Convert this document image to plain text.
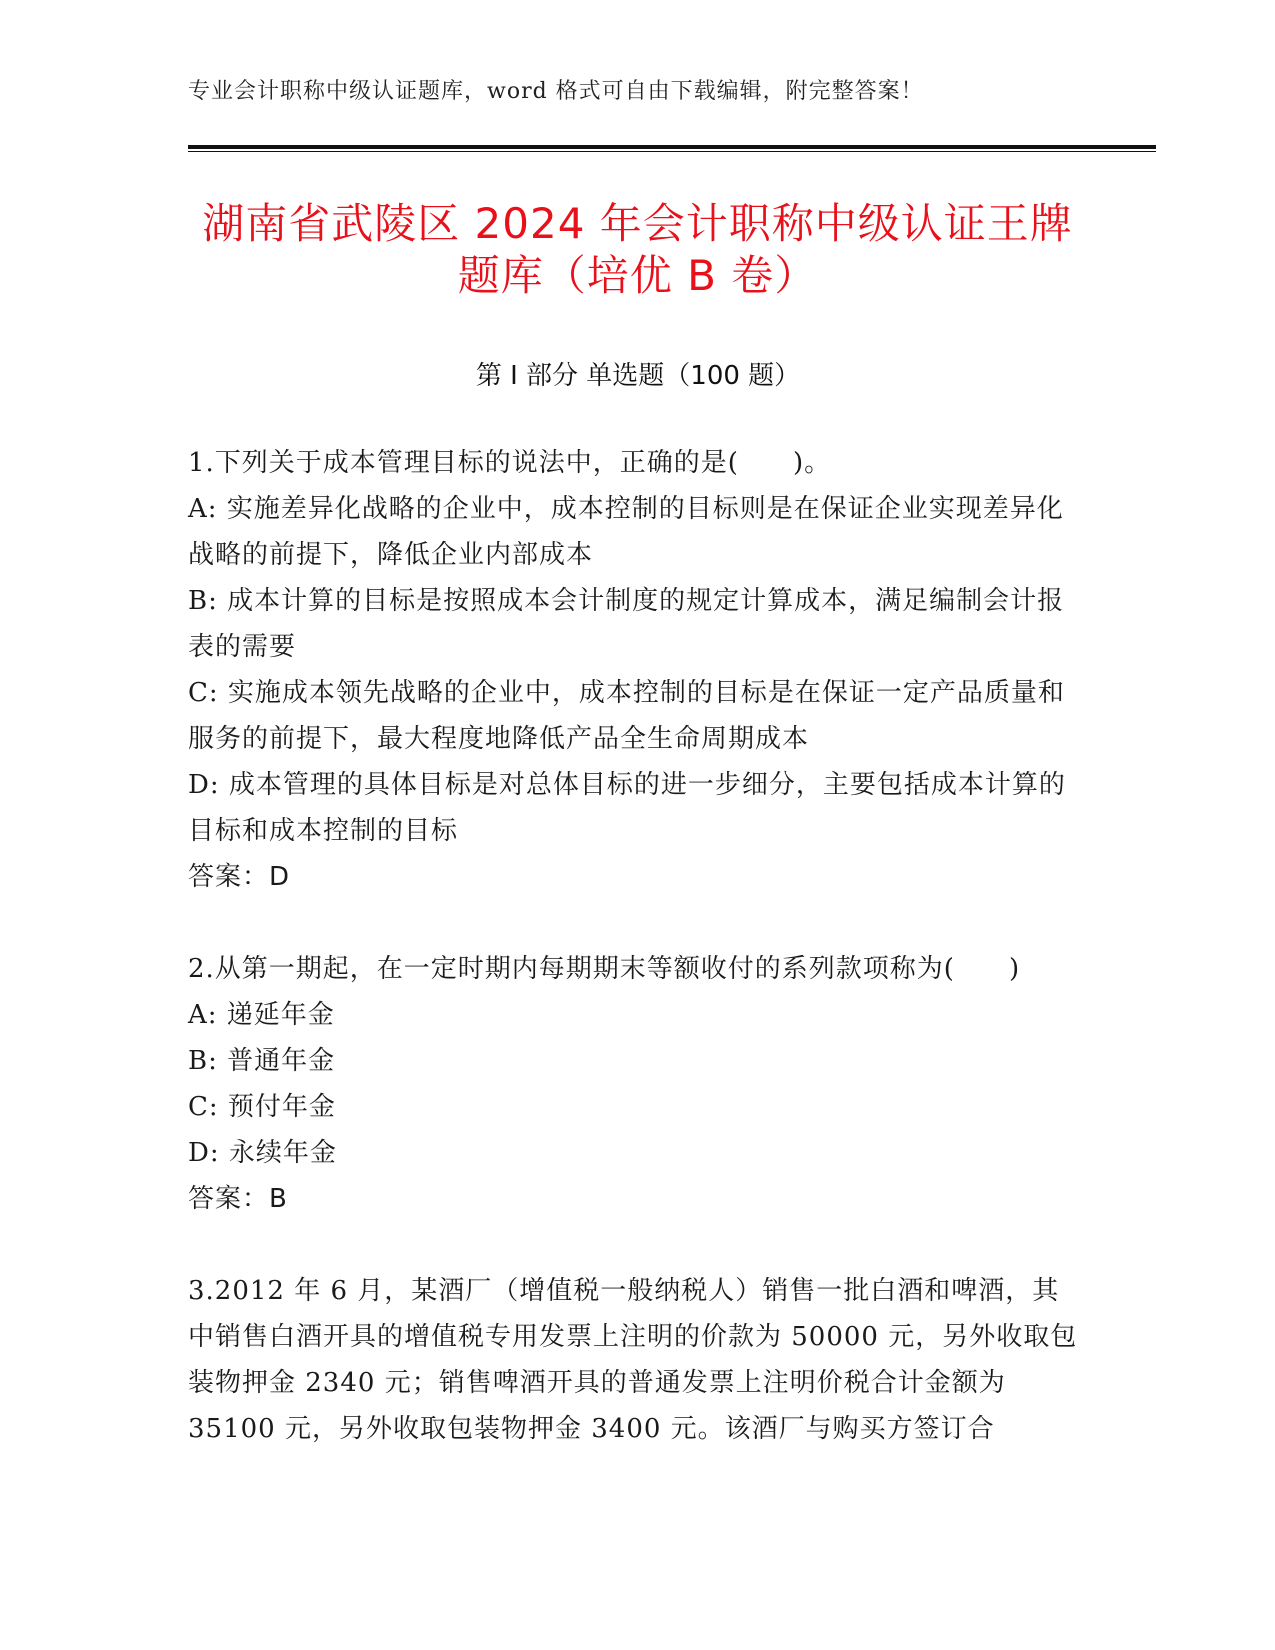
专业会计职称中级认证题库，word 格式可自由下载编辑，附完整答案！
湖南省武陵区 2024 年会计职称中级认证王牌
题库（培优 B 卷）
第 I 部分 单选题（100 题）

1.下列关于成本管理目标的说法中，正确的是(　　)。

A: 实施差异化战略的企业中，成本控制的目标则是在保证企业实现差异化战略的前提下，降低企业内部成本

B: 成本计算的目标是按照成本会计制度的规定计算成本，满足编制会计报表的需要

C: 实施成本领先战略的企业中，成本控制的目标是在保证一定产品质量和服务的前提下，最大程度地降低产品全生命周期成本

D: 成本管理的具体目标是对总体目标的进一步细分，主要包括成本计算的目标和成本控制的目标

答案：D

2.从第一期起，在一定时期内每期期末等额收付的系列款项称为(　　)

A: 递延年金

B: 普通年金

C: 预付年金

D: 永续年金

答案：B

3.2012 年 6 月，某酒厂（增值税一般纳税人）销售一批白酒和啤酒，其中销售白酒开具的增值税专用发票上注明的价款为 50000 元，另外收取包装物押金 2340 元；销售啤酒开具的普通发票上注明价税合计金额为 35100 元，另外收取包装物押金 3400 元。该酒厂与购买方签订合
